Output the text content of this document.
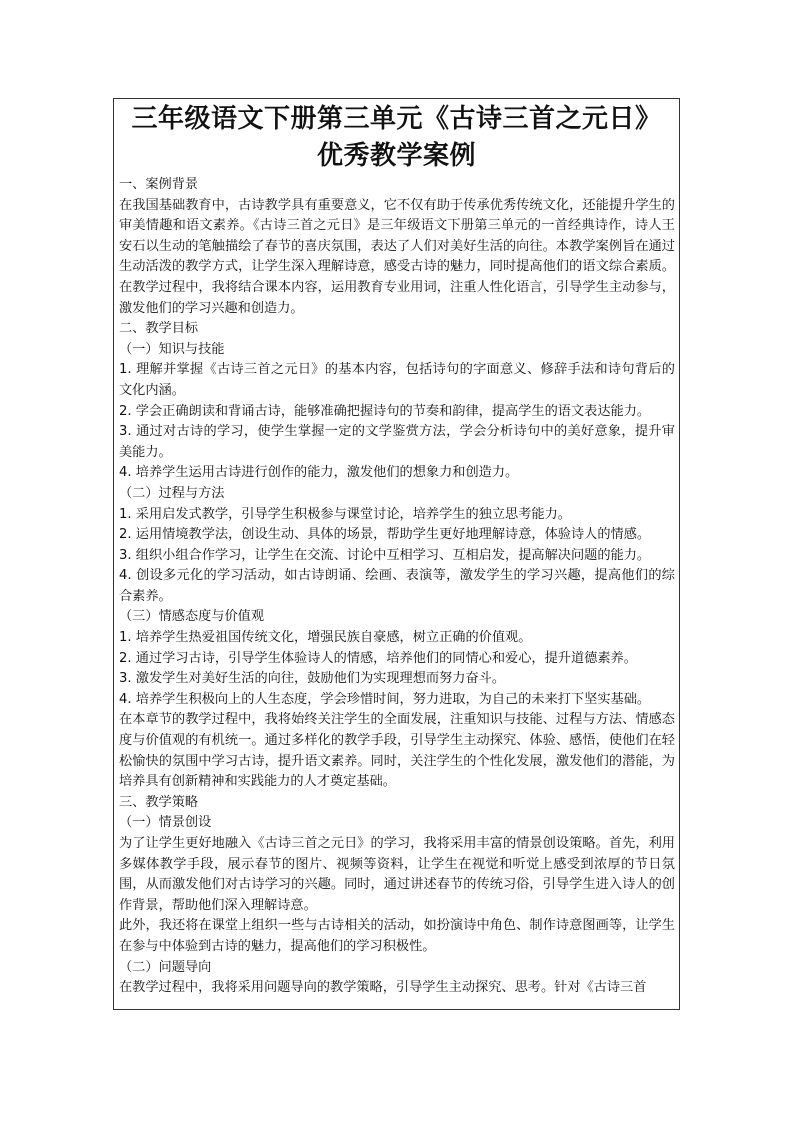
三年级语文下册第三单元《古诗三首之元日》
优秀教学案例

一、案例背景

在我国基础教育中，古诗教学具有重要意义，它不仅有助于传承优秀传统文化，还能提升学生的审美情趣和语文素养。《古诗三首之元日》是三年级语文下册第三单元的一首经典诗作，诗人王安石以生动的笔触描绘了春节的喜庆氛围，表达了人们对美好生活的向往。本教学案例旨在通过生动活泼的教学方式，让学生深入理解诗意，感受古诗的魅力，同时提高他们的语文综合素质。在教学过程中，我将结合课本内容，运用教育专业用词，注重人性化语言，引导学生主动参与，激发他们的学习兴趣和创造力。

二、教学目标

（一）知识与技能

1. 理解并掌握《古诗三首之元日》的基本内容，包括诗句的字面意义、修辞手法和诗句背后的文化内涵。

2. 学会正确朗读和背诵古诗，能够准确把握诗句的节奏和韵律，提高学生的语文表达能力。

3. 通过对古诗的学习，使学生掌握一定的文学鉴赏方法，学会分析诗句中的美好意象，提升审美能力。

4. 培养学生运用古诗进行创作的能力，激发他们的想象力和创造力。

（二）过程与方法

1. 采用启发式教学，引导学生积极参与课堂讨论，培养学生的独立思考能力。

2. 运用情境教学法，创设生动、具体的场景，帮助学生更好地理解诗意，体验诗人的情感。

3. 组织小组合作学习，让学生在交流、讨论中互相学习、互相启发，提高解决问题的能力。

4. 创设多元化的学习活动，如古诗朗诵、绘画、表演等，激发学生的学习兴趣，提高他们的综合素养。

（三）情感态度与价值观

1. 培养学生热爱祖国传统文化，增强民族自豪感，树立正确的价值观。

2. 通过学习古诗，引导学生体验诗人的情感，培养他们的同情心和爱心，提升道德素养。

3. 激发学生对美好生活的向往，鼓励他们为实现理想而努力奋斗。

4. 培养学生积极向上的人生态度，学会珍惜时间，努力进取，为自己的未来打下坚实基础。

在本章节的教学过程中，我将始终关注学生的全面发展，注重知识与技能、过程与方法、情感态度与价值观的有机统一。通过多样化的教学手段，引导学生主动探究、体验、感悟，使他们在轻松愉快的氛围中学习古诗，提升语文素养。同时，关注学生的个性化发展，激发他们的潜能，为培养具有创新精神和实践能力的人才奠定基础。

三、教学策略

（一）情景创设

为了让学生更好地融入《古诗三首之元日》的学习，我将采用丰富的情景创设策略。首先，利用多媒体教学手段，展示春节的图片、视频等资料，让学生在视觉和听觉上感受到浓厚的节日氛围，从而激发他们对古诗学习的兴趣。同时，通过讲述春节的传统习俗，引导学生进入诗人的创作背景，帮助他们深入理解诗意。

此外，我还将在课堂上组织一些与古诗相关的活动，如扮演诗中角色、制作诗意图画等，让学生在参与中体验到古诗的魅力，提高他们的学习积极性。

（二）问题导向

在教学过程中，我将采用问题导向的教学策略，引导学生主动探究、思考。针对《古诗三首
